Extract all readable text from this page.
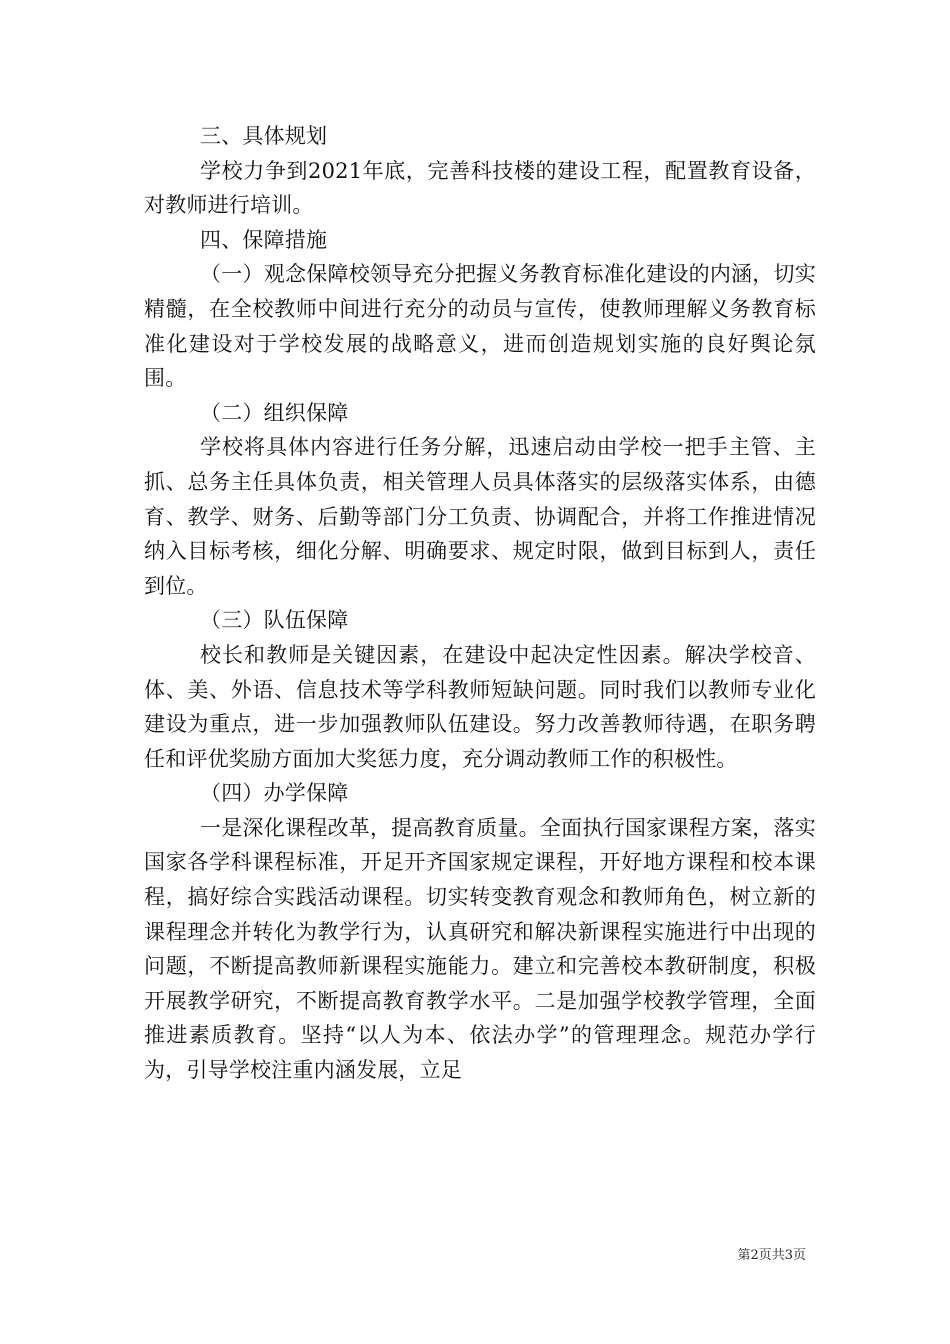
三、具体规划

学校力争到2021年底，完善科技楼的建设工程，配置教育设备，对教师进行培训。

四、保障措施

（一）观念保障校领导充分把握义务教育标准化建设的内涵，切实精髓，在全校教师中间进行充分的动员与宣传，使教师理解义务教育标准化建设对于学校发展的战略意义，进而创造规划实施的良好舆论氛围。

（二）组织保障

学校将具体内容进行任务分解，迅速启动由学校一把手主管、主抓、总务主任具体负责，相关管理人员具体落实的层级落实体系，由德育、教学、财务、后勤等部门分工负责、协调配合，并将工作推进情况纳入目标考核，细化分解、明确要求、规定时限，做到目标到人，责任到位。

（三）队伍保障

校长和教师是关键因素，在建设中起决定性因素。解决学校音、体、美、外语、信息技术等学科教师短缺问题。同时我们以教师专业化建设为重点，进一步加强教师队伍建设。努力改善教师待遇，在职务聘任和评优奖励方面加大奖惩力度，充分调动教师工作的积极性。

（四）办学保障

一是深化课程改革，提高教育质量。全面执行国家课程方案，落实国家各学科课程标准，开足开齐国家规定课程，开好地方课程和校本课程，搞好综合实践活动课程。切实转变教育观念和教师角色，树立新的课程理念并转化为教学行为，认真研究和解决新课程实施进行中出现的问题，不断提高教师新课程实施能力。建立和完善校本教研制度，积极开展教学研究，不断提高教育教学水平。二是加强学校教学管理，全面推进素质教育。坚持“以人为本、依法办学”的管理理念。规范办学行为，引导学校注重内涵发展，立足

第2页共3页
